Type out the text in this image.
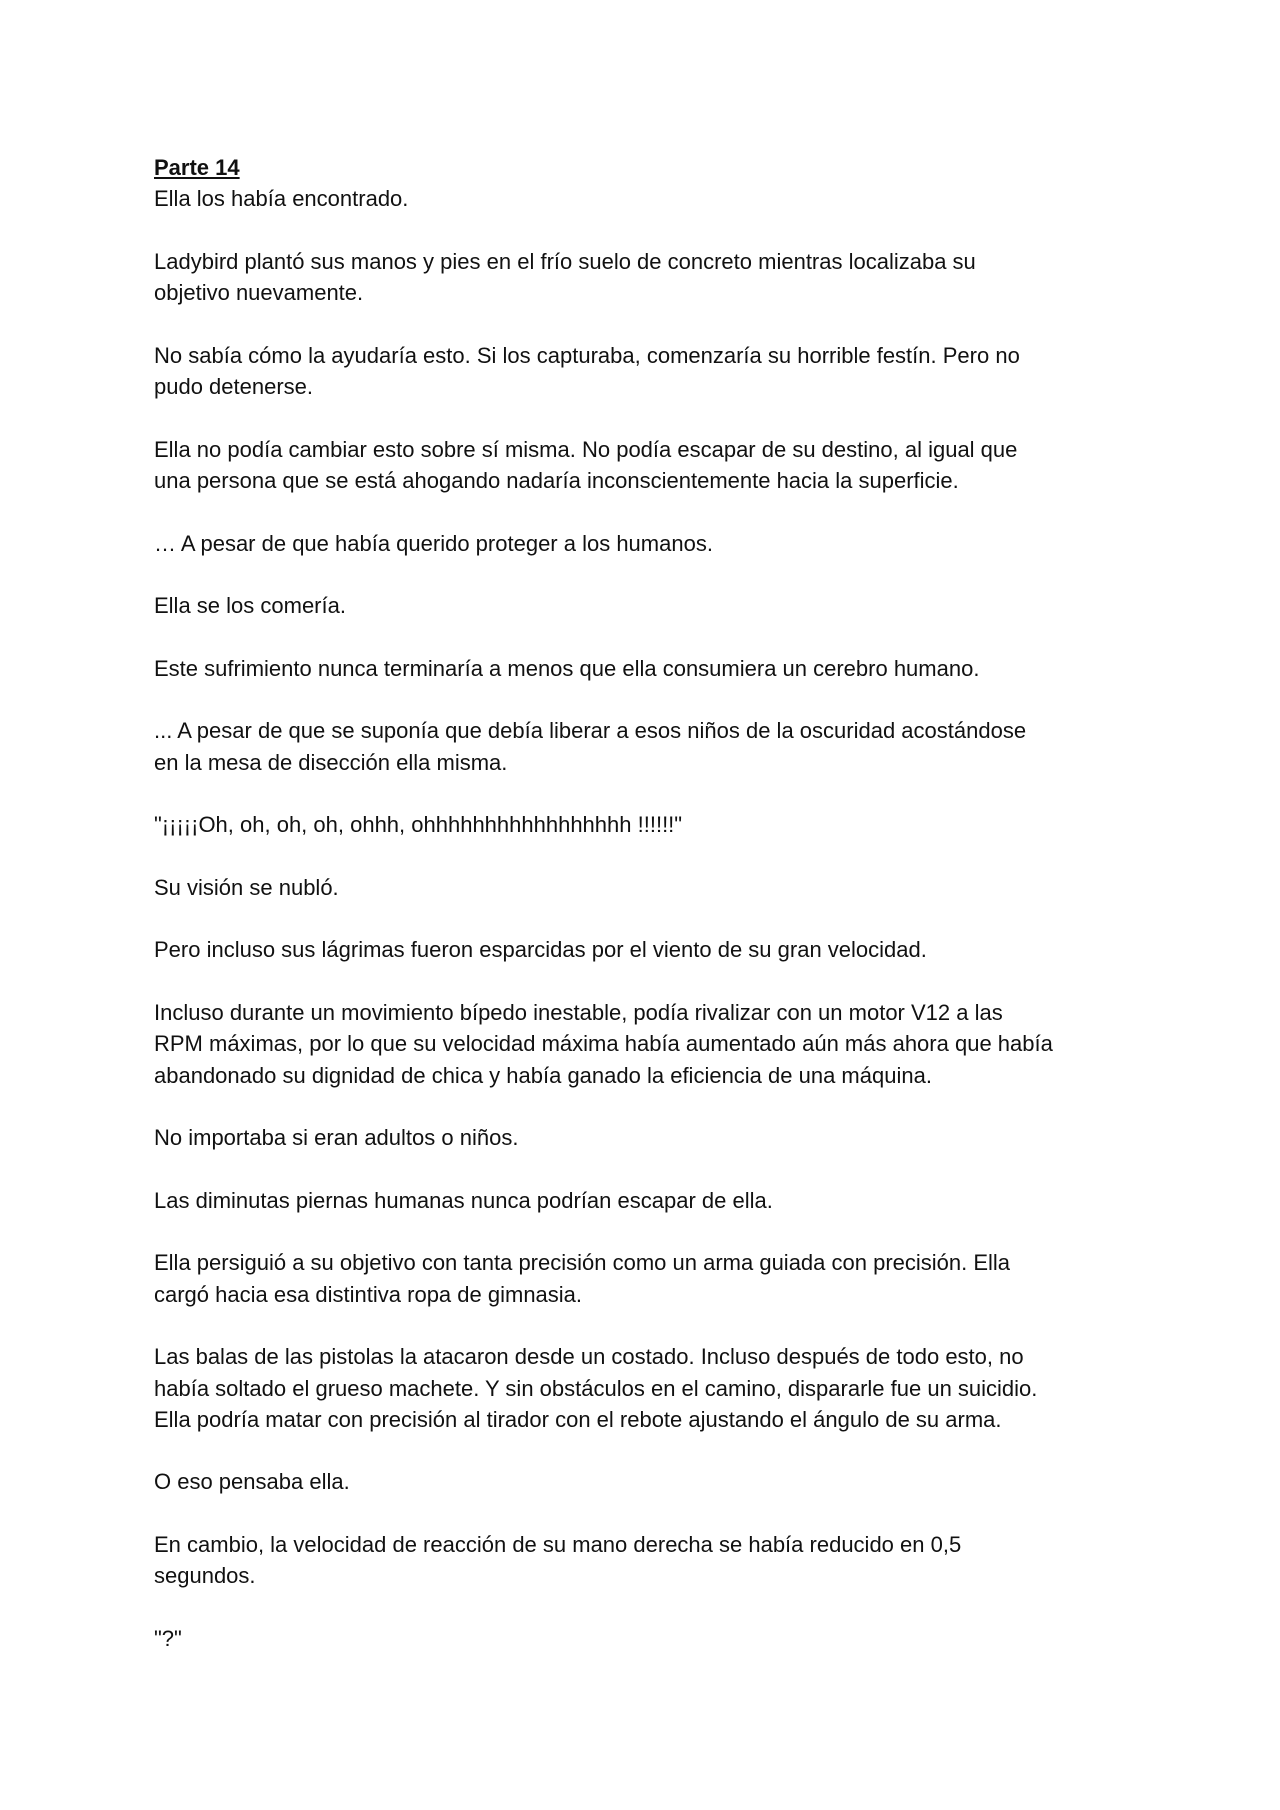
Parte 14
Ella los había encontrado.
Ladybird plantó sus manos y pies en el frío suelo de concreto mientras localizaba su
objetivo nuevamente.
No sabía cómo la ayudaría esto. Si los capturaba, comenzaría su horrible festín. Pero no
pudo detenerse.
Ella no podía cambiar esto sobre sí misma. No podía escapar de su destino, al igual que
una persona que se está ahogando nadaría inconscientemente hacia la superficie.
… A pesar de que había querido proteger a los humanos.
Ella se los comería.
Este sufrimiento nunca terminaría a menos que ella consumiera un cerebro humano.
... A pesar de que se suponía que debía liberar a esos niños de la oscuridad acostándose
en la mesa de disección ella misma.
"¡¡¡¡¡Oh, oh, oh, oh, ohhh, ohhhhhhhhhhhhhhhhh !!!!!!"
Su visión se nubló.
Pero incluso sus lágrimas fueron esparcidas por el viento de su gran velocidad.
Incluso durante un movimiento bípedo inestable, podía rivalizar con un motor V12 a las
RPM máximas, por lo que su velocidad máxima había aumentado aún más ahora que había
abandonado su dignidad de chica y había ganado la eficiencia de una máquina.
No importaba si eran adultos o niños.
Las diminutas piernas humanas nunca podrían escapar de ella.
Ella persiguió a su objetivo con tanta precisión como un arma guiada con precisión. Ella
cargó hacia esa distintiva ropa de gimnasia.
Las balas de las pistolas la atacaron desde un costado. Incluso después de todo esto, no
había soltado el grueso machete. Y sin obstáculos en el camino, dispararle fue un suicidio.
Ella podría matar con precisión al tirador con el rebote ajustando el ángulo de su arma.
O eso pensaba ella.
En cambio, la velocidad de reacción de su mano derecha se había reducido en 0,5
segundos.
"?"
